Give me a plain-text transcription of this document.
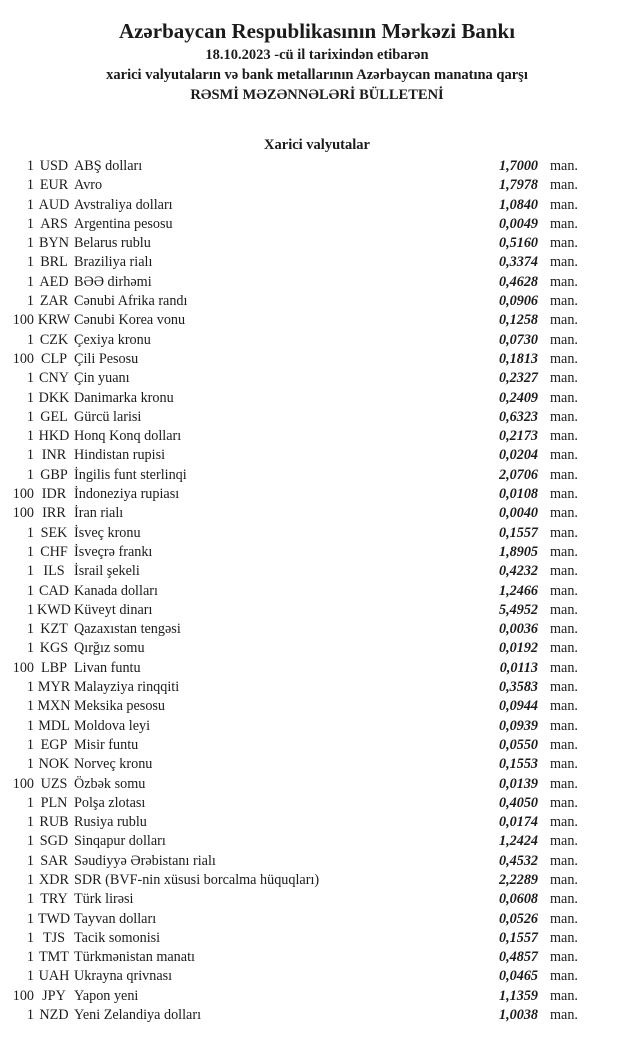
Azərbaycan Respublikasının Mərkəzi Bankı
18.10.2023 -cü il tarixindən etibarən
xarici valyutaların və bank metallarının Azərbaycan manatına qarşı
RƏSMİ MƏZƏNNƏLƏRİ BÜLLETENİ
Xarici valyutalar
1 USD ABŞ dolları	1,7000 man.
1 EUR Avro	1,7978 man.
1 AUD Avstraliya dolları	1,0840 man.
1 ARS Argentina pesosu	0,0049 man.
1 BYN Belarus rublu	0,5160 man.
1 BRL Braziliya rialı	0,3374 man.
1 AED BƏƏ dirhəmi	0,4628 man.
1 ZAR Cənubi Afrika randı	0,0906 man.
100 KRW Cənubi Korea vonu	0,1258 man.
1 CZK Çexiya kronu	0,0730 man.
100 CLP Çili Pesosu	0,1813 man.
1 CNY Çin yuanı	0,2327 man.
1 DKK Danimarka kronu	0,2409 man.
1 GEL Gürcü larisi	0,6323 man.
1 HKD Honq Konq dolları	0,2173 man.
1 INR Hindistan rupisi	0,0204 man.
1 GBP İngilis funt sterlinqi	2,0706 man.
100 IDR İndoneziya rupiası	0,0108 man.
100 IRR İran rialı	0,0040 man.
1 SEK İsveç kronu	0,1557 man.
1 CHF İsveçrə frankı	1,8905 man.
1 ILS İsrail şekeli	0,4232 man.
1 CAD Kanada dolları	1,2466 man.
1 KWD Küveyt dinarı	5,4952 man.
1 KZT Qazaxıstan tengəsi	0,0036 man.
1 KGS Qırğız somu	0,0192 man.
100 LBP Livan funtu	0,0113 man.
1 MYR Malayziya rinqqiti	0,3583 man.
1 MXN Meksika pesosu	0,0944 man.
1 MDL Moldova leyi	0,0939 man.
1 EGP Misir funtu	0,0550 man.
1 NOK Norveç kronu	0,1553 man.
100 UZS Özbək somu	0,0139 man.
1 PLN Polşa zlotası	0,4050 man.
1 RUB Rusiya rublu	0,0174 man.
1 SGD Sinqapur dolları	1,2424 man.
1 SAR Səudiyyə Ərəbistanı rialı	0,4532 man.
1 XDR SDR (BVF-nin xüsusi borcalma hüquqları)	2,2289 man.
1 TRY Türk lirəsi	0,0608 man.
1 TWD Tayvan dolları	0,0526 man.
1 TJS Tacik somonisi	0,1557 man.
1 TMT Türkmənistan manatı	0,4857 man.
1 UAH Ukrayna qrivnası	0,0465 man.
100 JPY Yapon yeni	1,1359 man.
1 NZD Yeni Zelandiya dolları	1,0038 man.
